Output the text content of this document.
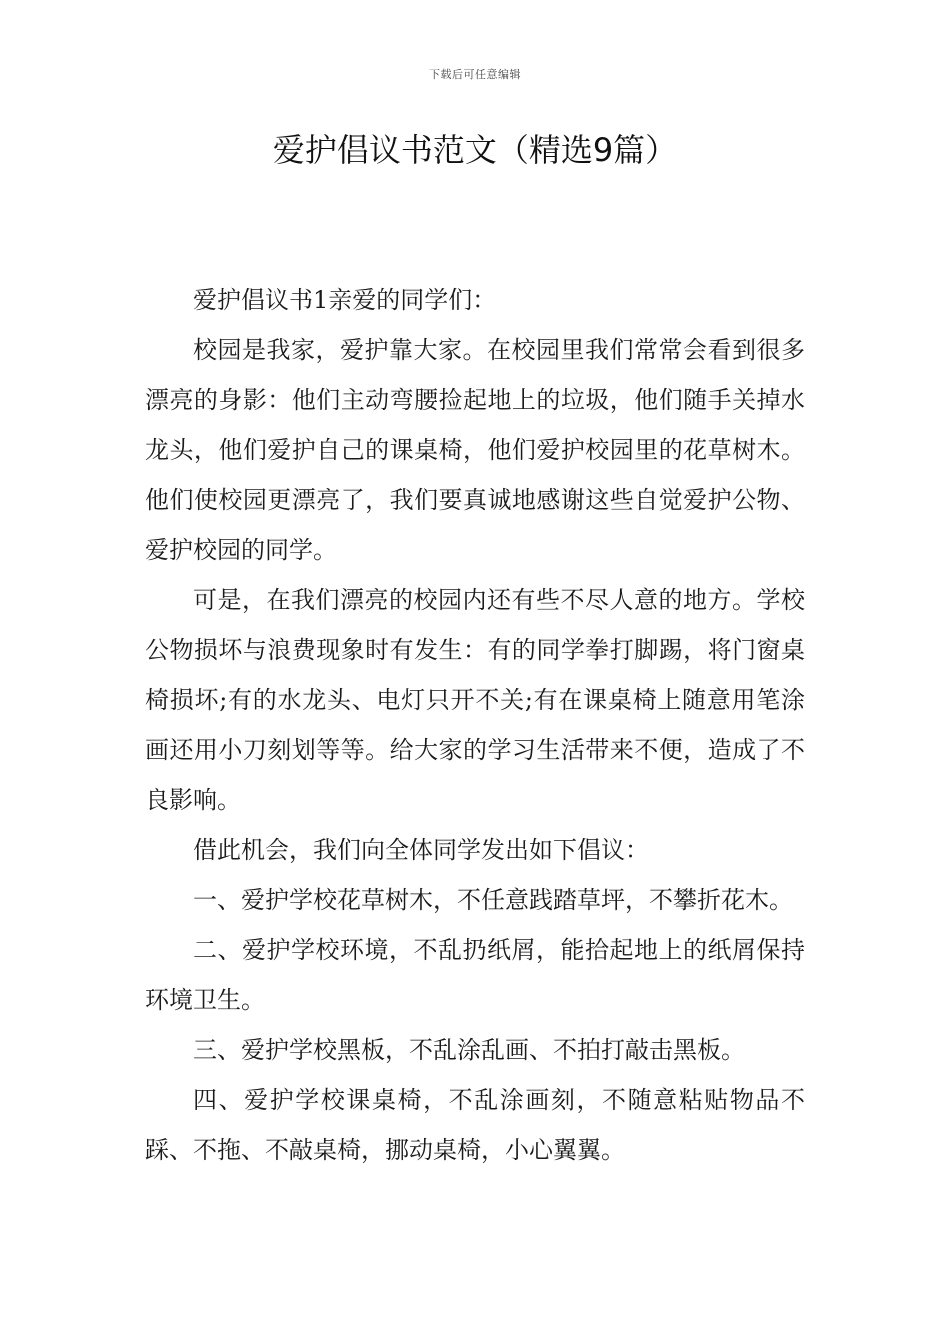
下载后可任意编辑
爱护倡议书范文（精选9篇）

爱护倡议书1亲爱的同学们：

校园是我家，爱护靠大家。在校园里我们常常会看到很多漂亮的身影：他们主动弯腰捡起地上的垃圾，他们随手关掉水龙头，他们爱护自己的课桌椅，他们爱护校园里的花草树木。他们使校园更漂亮了，我们要真诚地感谢这些自觉爱护公物、爱护校园的同学。

可是，在我们漂亮的校园内还有些不尽人意的地方。学校公物损坏与浪费现象时有发生：有的同学拳打脚踢，将门窗桌椅损坏;有的水龙头、电灯只开不关;有在课桌椅上随意用笔涂画还用小刀刻划等等。给大家的学习生活带来不便，造成了不良影响。

借此机会，我们向全体同学发出如下倡议：

一、爱护学校花草树木，不任意践踏草坪，不攀折花木。

二、爱护学校环境，不乱扔纸屑，能拾起地上的纸屑保持环境卫生。

三、爱护学校黑板，不乱涂乱画、不拍打敲击黑板。

四、爱护学校课桌椅，不乱涂画刻，不随意粘贴物品不踩、不拖、不敲桌椅，挪动桌椅，小心翼翼。
